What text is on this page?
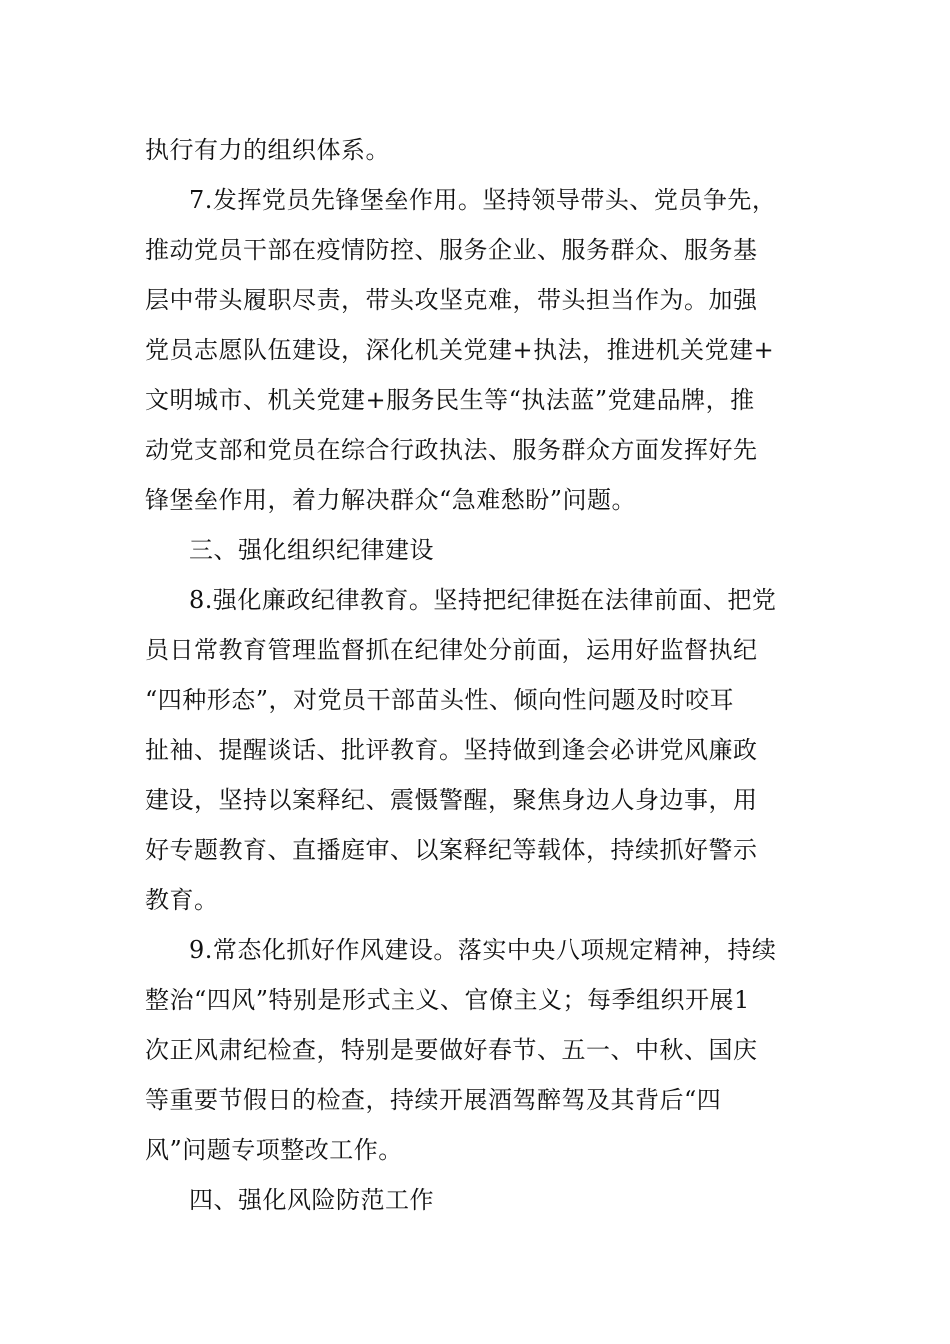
执行有力的组织体系。
7.发挥党员先锋堡垒作用。坚持领导带头、党员争先，
推动党员干部在疫情防控、服务企业、服务群众、服务基
层中带头履职尽责，带头攻坚克难，带头担当作为。加强
党员志愿队伍建设，深化机关党建+执法，推进机关党建+
文明城市、机关党建+服务民生等“执法蓝”党建品牌，推
动党支部和党员在综合行政执法、服务群众方面发挥好先
锋堡垒作用，着力解决群众“急难愁盼”问题。
三、强化组织纪律建设
8.强化廉政纪律教育。坚持把纪律挺在法律前面、把党
员日常教育管理监督抓在纪律处分前面，运用好监督执纪
“四种形态”，对党员干部苗头性、倾向性问题及时咬耳
扯袖、提醒谈话、批评教育。坚持做到逢会必讲党风廉政
建设，坚持以案释纪、震慑警醒，聚焦身边人身边事，用
好专题教育、直播庭审、以案释纪等载体，持续抓好警示
教育。
9.常态化抓好作风建设。落实中央八项规定精神，持续
整治“四风”特别是形式主义、官僚主义；每季组织开展1
次正风肃纪检查，特别是要做好春节、五一、中秋、国庆
等重要节假日的检查，持续开展酒驾醉驾及其背后“四
风”问题专项整改工作。
四、强化风险防范工作
